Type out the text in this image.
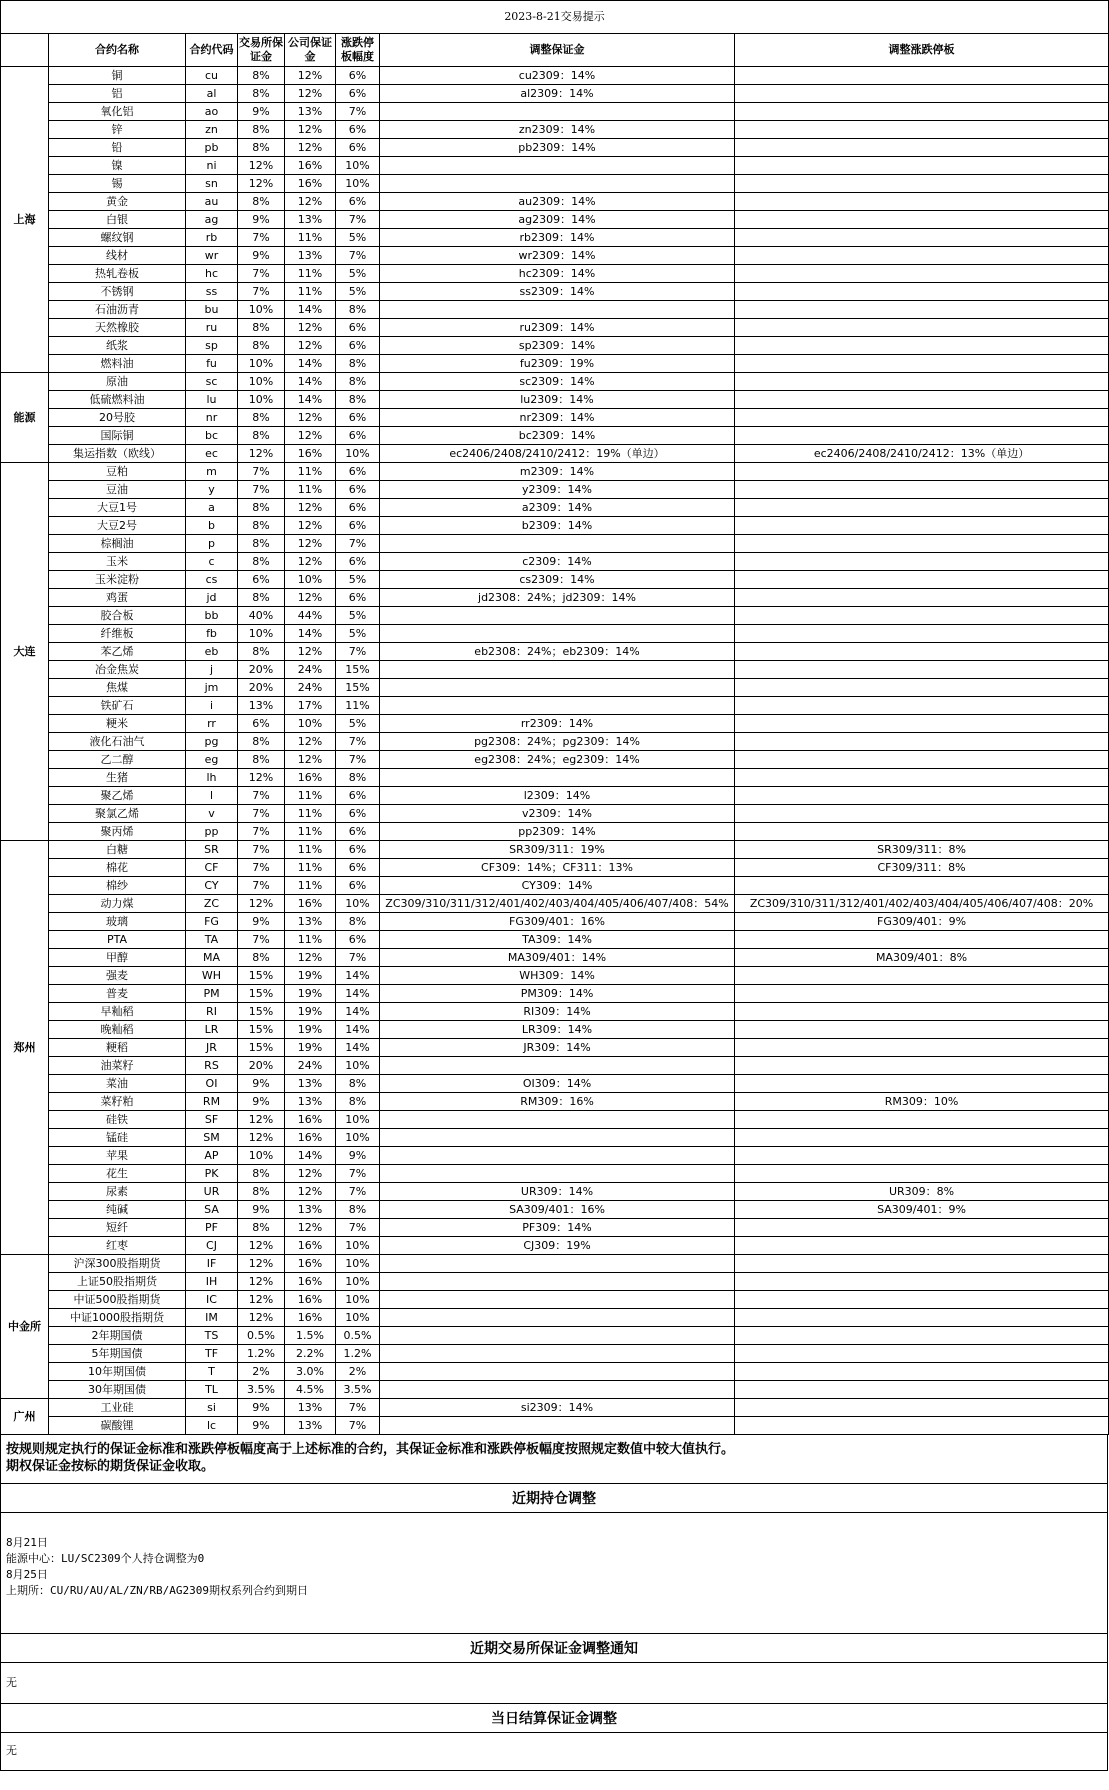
2023-8-21交易提示							
	合约名称	合约代码	交易所保证金	公司保证金	涨跌停板幅度	调整保证金	调整涨跌停板
上海	铜	cu	8%	12%	6%	cu2309：14%	
	铝	al	8%	12%	6%	al2309：14%	
	氧化铝	ao	9%	13%	7%		
	锌	zn	8%	12%	6%	zn2309：14%	
	铅	pb	8%	12%	6%	pb2309：14%	
	镍	ni	12%	16%	10%		
	锡	sn	12%	16%	10%		
	黄金	au	8%	12%	6%	au2309：14%	
	白银	ag	9%	13%	7%	ag2309：14%	
	螺纹钢	rb	7%	11%	5%	rb2309：14%	
	线材	wr	9%	13%	7%	wr2309：14%	
	热轧卷板	hc	7%	11%	5%	hc2309：14%	
	不锈钢	ss	7%	11%	5%	ss2309：14%	
	石油沥青	bu	10%	14%	8%		
	天然橡胶	ru	8%	12%	6%	ru2309：14%	
	纸浆	sp	8%	12%	6%	sp2309：14%	
	燃料油	fu	10%	14%	8%	fu2309：19%	
能源	原油	sc	10%	14%	8%	sc2309：14%	
	低硫燃料油	lu	10%	14%	8%	lu2309：14%	
	20号胶	nr	8%	12%	6%	nr2309：14%	
	国际铜	bc	8%	12%	6%	bc2309：14%	
	集运指数（欧线）	ec	12%	16%	10%	ec2406/2408/2410/2412：19%（单边）	ec2406/2408/2410/2412：13%（单边）
大连	豆粕	m	7%	11%	6%	m2309：14%	
	豆油	y	7%	11%	6%	y2309：14%	
	大豆1号	a	8%	12%	6%	a2309：14%	
	大豆2号	b	8%	12%	6%	b2309：14%	
	棕榈油	p	8%	12%	7%		
	玉米	c	8%	12%	6%	c2309：14%	
	玉米淀粉	cs	6%	10%	5%	cs2309：14%	
	鸡蛋	jd	8%	12%	6%	jd2308：24%；jd2309：14%	
	胶合板	bb	40%	44%	5%		
	纤维板	fb	10%	14%	5%		
	苯乙烯	eb	8%	12%	7%	eb2308：24%；eb2309：14%	
	冶金焦炭	j	20%	24%	15%		
	焦煤	jm	20%	24%	15%		
	铁矿石	i	13%	17%	11%		
	粳米	rr	6%	10%	5%	rr2309：14%	
	液化石油气	pg	8%	12%	7%	pg2308：24%；pg2309：14%	
	乙二醇	eg	8%	12%	7%	eg2308：24%；eg2309：14%	
	生猪	lh	12%	16%	8%		
	聚乙烯	l	7%	11%	6%	l2309：14%	
	聚氯乙烯	v	7%	11%	6%	v2309：14%	
	聚丙烯	pp	7%	11%	6%	pp2309：14%	
郑州	白糖	SR	7%	11%	6%	SR309/311：19%	SR309/311：8%
	棉花	CF	7%	11%	6%	CF309：14%；CF311：13%	CF309/311：8%
	棉纱	CY	7%	11%	6%	CY309：14%	
	动力煤	ZC	12%	16%	10%	ZC309/310/311/312/401/402/403/404/405/406/407/408：54%	ZC309/310/311/312/401/402/403/404/405/406/407/408：20%
	玻璃	FG	9%	13%	8%	FG309/401：16%	FG309/401：9%
	PTA	TA	7%	11%	6%	TA309：14%	
	甲醇	MA	8%	12%	7%	MA309/401：14%	MA309/401：8%
	强麦	WH	15%	19%	14%	WH309：14%	
	普麦	PM	15%	19%	14%	PM309：14%	
	早籼稻	RI	15%	19%	14%	RI309：14%	
	晚籼稻	LR	15%	19%	14%	LR309：14%	
	粳稻	JR	15%	19%	14%	JR309：14%	
	油菜籽	RS	20%	24%	10%		
	菜油	OI	9%	13%	8%	OI309：14%	
	菜籽粕	RM	9%	13%	8%	RM309：16%	RM309：10%
	硅铁	SF	12%	16%	10%		
	锰硅	SM	12%	16%	10%		
	苹果	AP	10%	14%	9%		
	花生	PK	8%	12%	7%		
	尿素	UR	8%	12%	7%	UR309：14%	UR309：8%
	纯碱	SA	9%	13%	8%	SA309/401：16%	SA309/401：9%
	短纤	PF	8%	12%	7%	PF309：14%	
	红枣	CJ	12%	16%	10%	CJ309：19%	
中金所	沪深300股指期货	IF	12%	16%	10%		
	上证50股指期货	IH	12%	16%	10%		
	中证500股指期货	IC	12%	16%	10%		
	中证1000股指期货	IM	12%	16%	10%		
	2年期国债	TS	0.5%	1.5%	0.5%		
	5年期国债	TF	1.2%	2.2%	1.2%		
	10年期国债	T	2%	3.0%	2%		
	30年期国债	TL	3.5%	4.5%	3.5%		
广州	工业硅	si	9%	13%	7%	si2309：14%	
	碳酸锂	lc	9%	13%	7%		
按规则规定执行的保证金标准和涨跌停板幅度高于上述标准的合约，其保证金标准和涨跌停板幅度按照规定数值中较大值执行。
期权保证金按标的期货保证金收取。
近期持仓调整
8月21日
能源中心：LU/SC2309个人持仓调整为0
8月25日
上期所：CU/RU/AU/AL/ZN/RB/AG2309期权系列合约到期日
近期交易所保证金调整通知
无
当日结算保证金调整
无
